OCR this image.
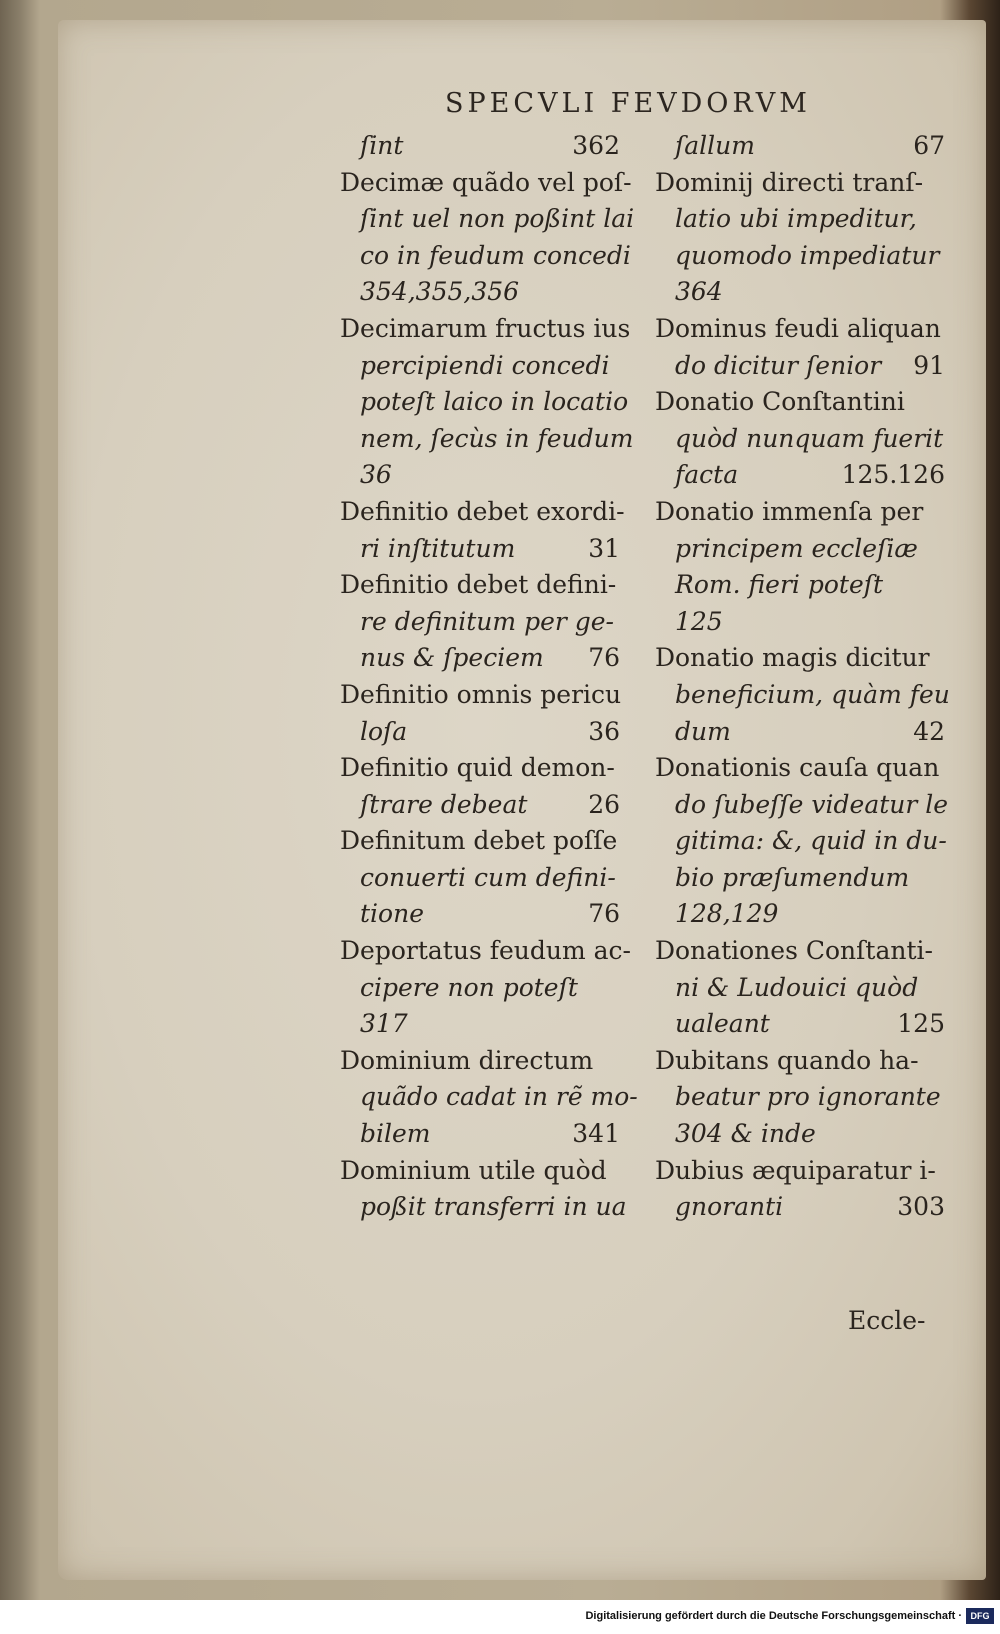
SPECVLI FEVDORVM
ſint	362
Decimæ quãdo vel poſ-
ſint uel non poßint lai
co in feudum concedi
354,355,356
Decimarum fructus ius
percipiendi concedi
poteſt laico in locatio
nem, ſecùs in feudum
36
Definitio debet exordi-
ri inſtitutum	31
Definitio debet defini-
re definitum per ge-
nus & ſpeciem 76
Definitio omnis pericu
loſa	36
Definitio quid demon-
ſtrare debeat 26
Definitum debet poſſe
conuerti cum defini-
tione	76
Deportatus feudum ac-
cipere non poteſt
317
Dominium directum
quãdo cadat in rẽ mo-
bilem	341
Dominium utile quòd
poßit transferri in ua
ſallum	67
Dominij directi tranſ-
latio ubi impeditur,
quomodo impediatur
364
Dominus feudi aliquan
do dicitur ſenior 91
Donatio Conſtantini
quòd nunquam fuerit
facta	125.126
Donatio immenſa per
principem eccleſiæ
Rom. fieri poteſt
125
Donatio magis dicitur
beneficium, quàm feu
dum	42
Donationis cauſa quan
do ſubeſſe videatur le
gitima: &, quid in du-
bio præſumendum
128,129
Donationes Conſtanti-
ni & Ludouici quòd
ualeant	125
Dubitans quando ha-
beatur pro ignorante
304 & inde
Dubius æquiparatur i-
gnoranti	303
Eccle-
Digitalisierung gefördert durch die Deutsche Forschungsgemeinschaft · DFG
